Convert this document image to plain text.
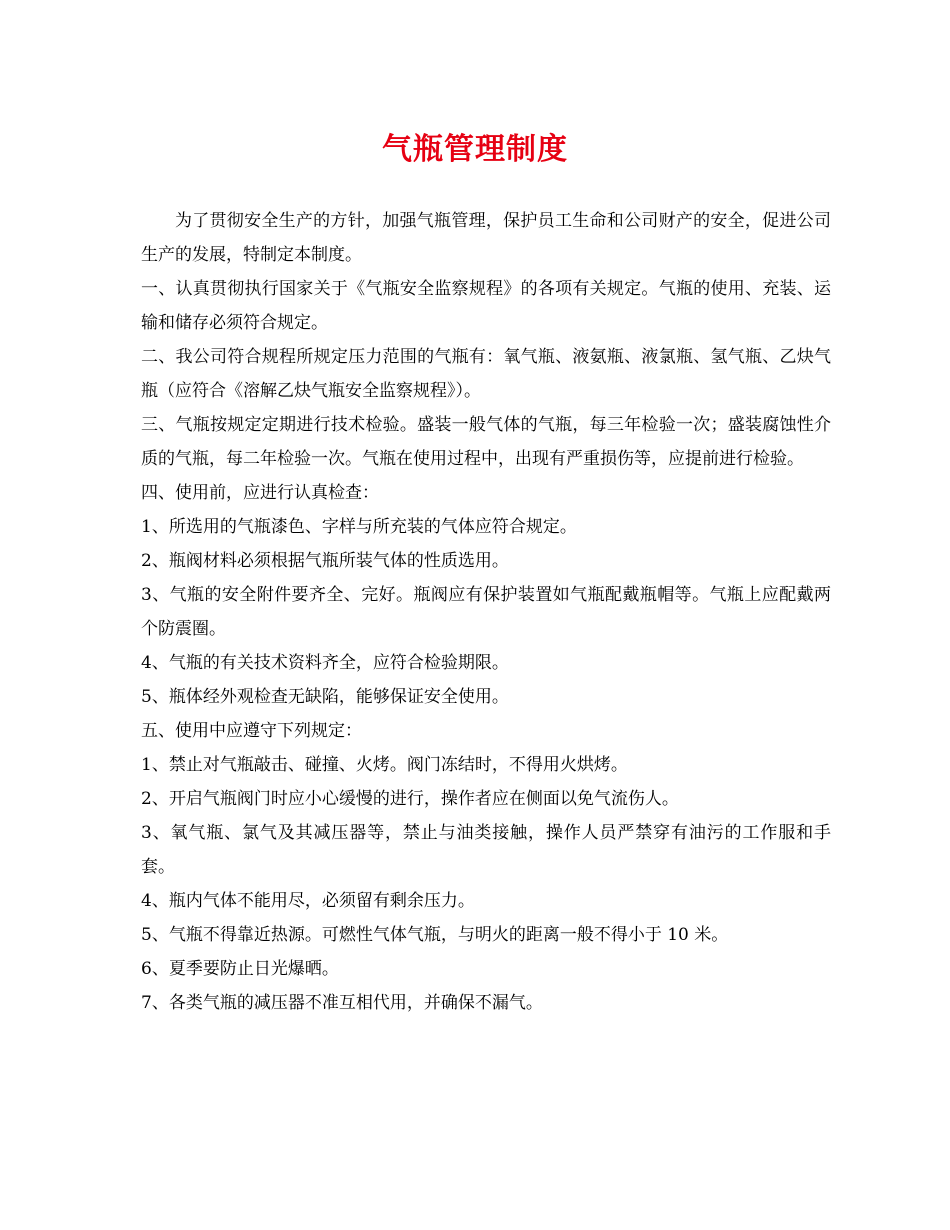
气瓶管理制度

为了贯彻安全生产的方针，加强气瓶管理，保护员工生命和公司财产的安全，促进公司生产的发展，特制定本制度。

一、认真贯彻执行国家关于《气瓶安全监察规程》的各项有关规定。气瓶的使用、充装、运输和储存必须符合规定。

二、我公司符合规程所规定压力范围的气瓶有：氧气瓶、液氨瓶、液氯瓶、氢气瓶、乙炔气瓶（应符合《溶解乙炔气瓶安全监察规程》）。

三、气瓶按规定定期进行技术检验。盛装一般气体的气瓶，每三年检验一次；盛装腐蚀性介质的气瓶，每二年检验一次。气瓶在使用过程中，出现有严重损伤等，应提前进行检验。

四、使用前，应进行认真检查：

1、所选用的气瓶漆色、字样与所充装的气体应符合规定。

2、瓶阀材料必须根据气瓶所装气体的性质选用。

3、气瓶的安全附件要齐全、完好。瓶阀应有保护装置如气瓶配戴瓶帽等。气瓶上应配戴两个防震圈。

4、气瓶的有关技术资料齐全，应符合检验期限。

5、瓶体经外观检查无缺陷，能够保证安全使用。

五、使用中应遵守下列规定：

1、禁止对气瓶敲击、碰撞、火烤。阀门冻结时，不得用火烘烤。

2、开启气瓶阀门时应小心缓慢的进行，操作者应在侧面以免气流伤人。

3、氧气瓶、氯气及其减压器等，禁止与油类接触，操作人员严禁穿有油污的工作服和手套。

4、瓶内气体不能用尽，必须留有剩余压力。

5、气瓶不得靠近热源。可燃性气体气瓶，与明火的距离一般不得小于 10 米。

6、夏季要防止日光爆晒。

7、各类气瓶的减压器不准互相代用，并确保不漏气。
